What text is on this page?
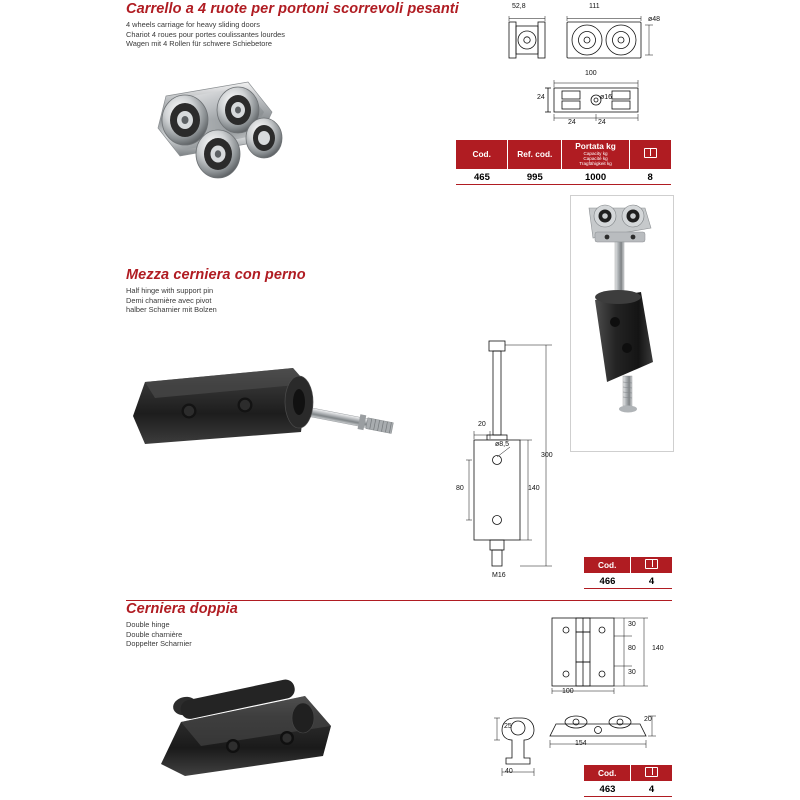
Carrello a 4 ruote per portoni scorrevoli pesanti
4 wheels carriage for heavy sliding doors
Chariot 4 roues pour portes coulissantes lourdes
Wagen mit 4 Rollen für schwere Schiebetore
52,8	111
ø48
100
24	ø16
24	24
Cod.	Ref. cod.	Portata kg
Capacity kg
Capacité kg
Tragfähigkeit kg	

465	995	1000	8
Mezza cerniera con perno
Half hinge with support pin
Demi charnière avec pivot
halber Scharnier mit Bolzen
20
ø8,5
80	140
300
M16
Cod.	
466	4
Cerniera doppia
Double hinge
Double charnière
Doppelter Scharnier
30
80
30
140
100
25
20
154
40	Cod.	
463	4
